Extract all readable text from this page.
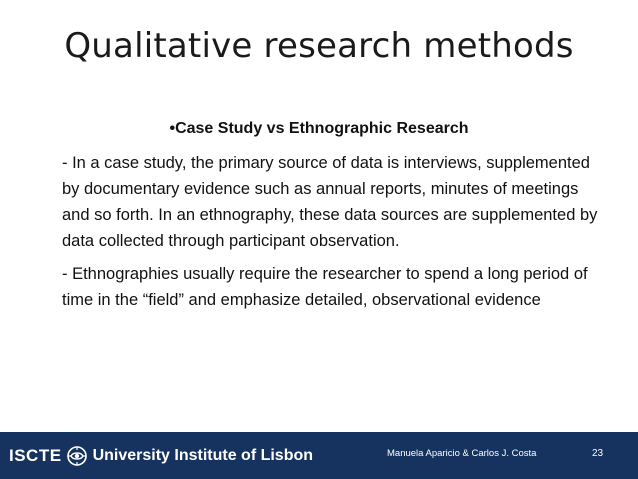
Qualitative research methods
•Case Study vs Ethnographic Research

- In a case study, the primary source of data is interviews, supplemented by documentary evidence such as annual reports, minutes of meetings and so forth. In an ethnography, these data sources are supplemented by data collected through participant observation.

- Ethnographies usually require the researcher to spend a long period of time in the “field” and emphasize detailed, observational evidence

ISCTE University Institute of Lisbon	Manuela Aparicio & Carlos J. Costa	23
